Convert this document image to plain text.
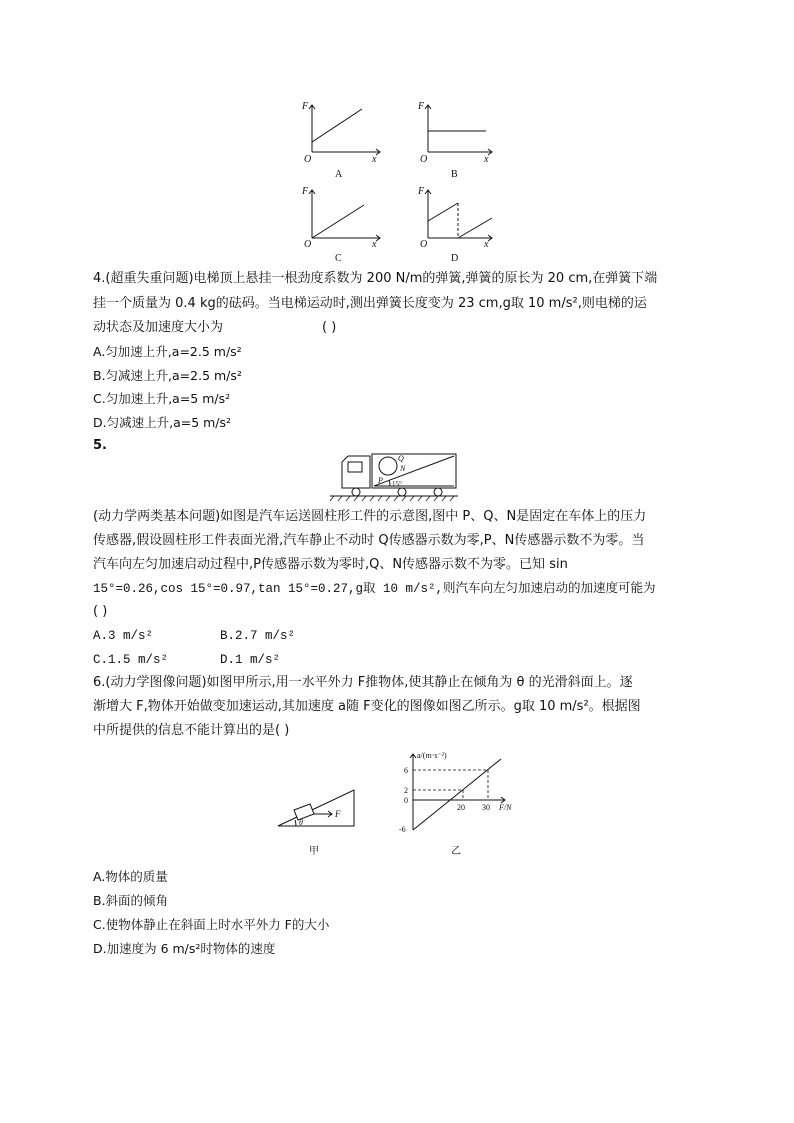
F
O	x
F
O	x
F
O	x
F
O	x
A	B
C	D
4.(超重失重问题)电梯顶上悬挂一根劲度系数为 200 N/m的弹簧,弹簧的原长为 20 cm,在弹簧下端
挂一个质量为 0.4 kg的砝码。当电梯运动时,测出弹簧长度变为 23 cm,g取 10 m/s²,则电梯的运
动状态及加速度大小为	( )
A.匀加速上升,a=2.5 m/s²
B.匀减速上升,a=2.5 m/s²
C.匀加速上升,a=5 m/s²
D.匀减速上升,a=5 m/s²
5.
Q
N
P 15°
(动力学两类基本问题)如图是汽车运送圆柱形工件的示意图,图中 P、Q、N是固定在车体上的压力
传感器,假设圆柱形工件表面光滑,汽车静止不动时 Q传感器示数为零,P、N传感器示数不为零。当
汽车向左匀加速启动过程中,P传感器示数为零时,Q、N传感器示数不为零。已知 sin
15°=0.26,cos 15°=0.97,tan 15°=0.27,g取 10 m/s²,则汽车向左匀加速启动的加速度可能为
( )
A.3 m/s²	B.2.7 m/s²
C.1.5 m/s²	D.1 m/s²
6.(动力学图像问题)如图甲所示,用一水平外力 F推物体,使其静止在倾角为 θ 的光滑斜面上。逐
渐增大 F,物体开始做变加速运动,其加速度 a随 F变化的图像如图乙所示。g取 10 m/s²。根据图
中所提供的信息不能计算出的是( )
F
θ
甲
a/(m·s⁻²)
6
2
0
-6
20 30 F/N
乙
A.物体的质量
B.斜面的倾角
C.使物体静止在斜面上时水平外力 F的大小
D.加速度为 6 m/s²时物体的速度
